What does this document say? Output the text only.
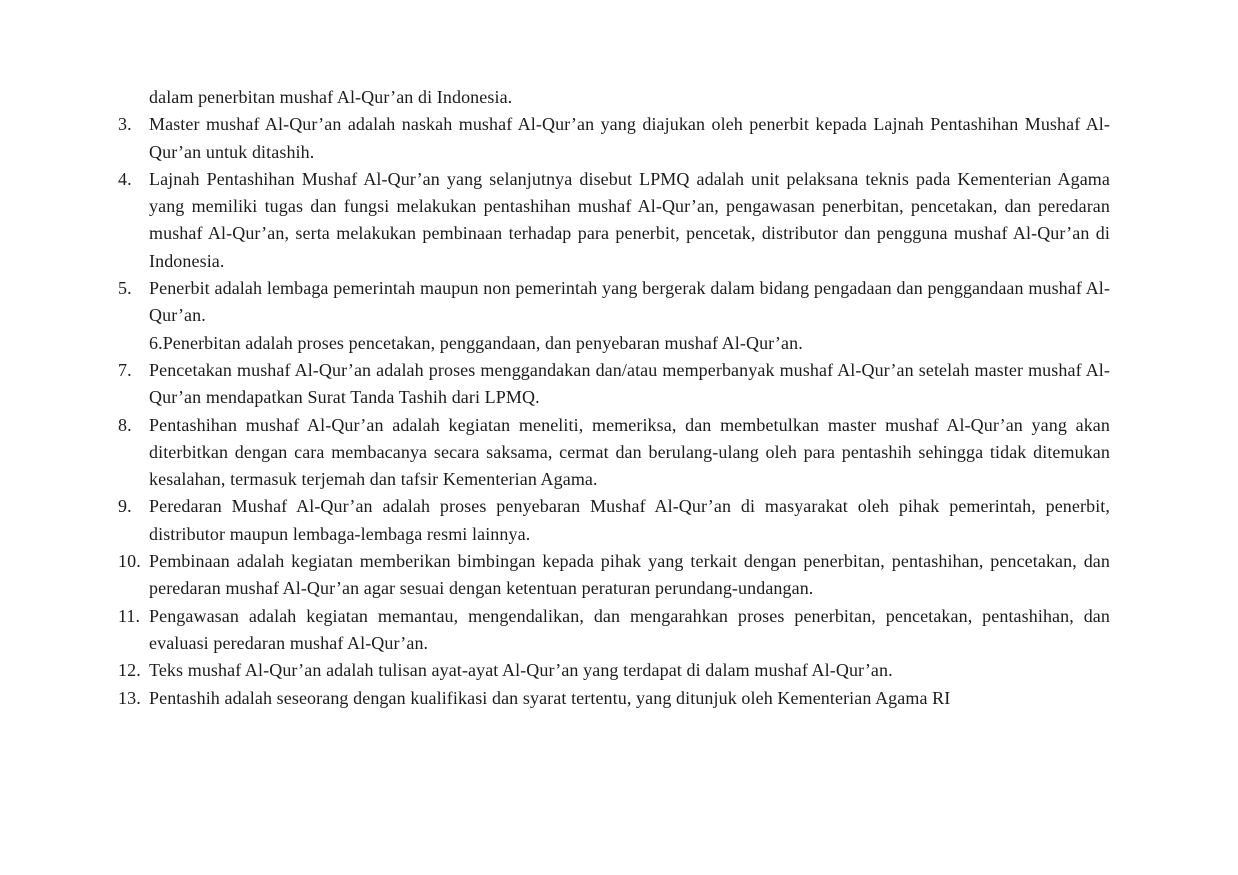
dalam penerbitan mushaf Al-Qur’an di Indonesia.

3. Master mushaf Al-Qur’an adalah naskah mushaf Al-Qur’an yang diajukan oleh penerbit kepada Lajnah Pentashihan Mushaf Al-Qur’an untuk ditashih.
4. Lajnah Pentashihan Mushaf Al-Qur’an yang selanjutnya disebut LPMQ adalah unit pelaksana teknis pada Kementerian Agama yang memiliki tugas dan fungsi melakukan pentashihan mushaf Al-Qur’an, pengawasan penerbitan, pencetakan, dan peredaran mushaf Al-Qur’an, serta melakukan pembinaan terhadap para penerbit, pencetak, distributor dan pengguna mushaf Al-Qur’an di Indonesia.
5. Penerbit adalah lembaga pemerintah maupun non pemerintah yang bergerak dalam bidang pengadaan dan penggandaan mushaf Al-Qur’an.
6.Penerbitan adalah proses pencetakan, penggandaan, dan penyebaran mushaf Al-Qur’an.
7. Pencetakan mushaf Al-Qur’an adalah proses menggandakan dan/atau memperbanyak mushaf Al-Qur’an setelah master mushaf Al-Qur’an mendapatkan Surat Tanda Tashih dari LPMQ.
8. Pentashihan mushaf Al-Qur’an adalah kegiatan meneliti, memeriksa, dan membetulkan master mushaf Al-Qur’an yang akan diterbitkan dengan cara membacanya secara saksama, cermat dan berulang-ulang oleh para pentashih sehingga tidak ditemukan kesalahan, termasuk terjemah dan tafsir Kementerian Agama.
9. Peredaran Mushaf Al-Qur’an adalah proses penyebaran Mushaf Al-Qur’an di masyarakat oleh pihak pemerintah, penerbit, distributor maupun lembaga-lembaga resmi lainnya.
10. Pembinaan adalah kegiatan memberikan bimbingan kepada pihak yang terkait dengan penerbitan, pentashihan, pencetakan, dan peredaran mushaf Al-Qur’an agar sesuai dengan ketentuan peraturan perundang-undangan.
11. Pengawasan adalah kegiatan memantau, mengendalikan, dan mengarahkan proses penerbitan, pencetakan, pentashihan, dan evaluasi peredaran mushaf Al-Qur’an.
12. Teks mushaf Al-Qur’an adalah tulisan ayat-ayat Al-Qur’an yang terdapat di dalam mushaf Al-Qur’an.
13. Pentashih adalah seseorang dengan kualifikasi dan syarat tertentu, yang ditunjuk oleh Kementerian Agama RI
